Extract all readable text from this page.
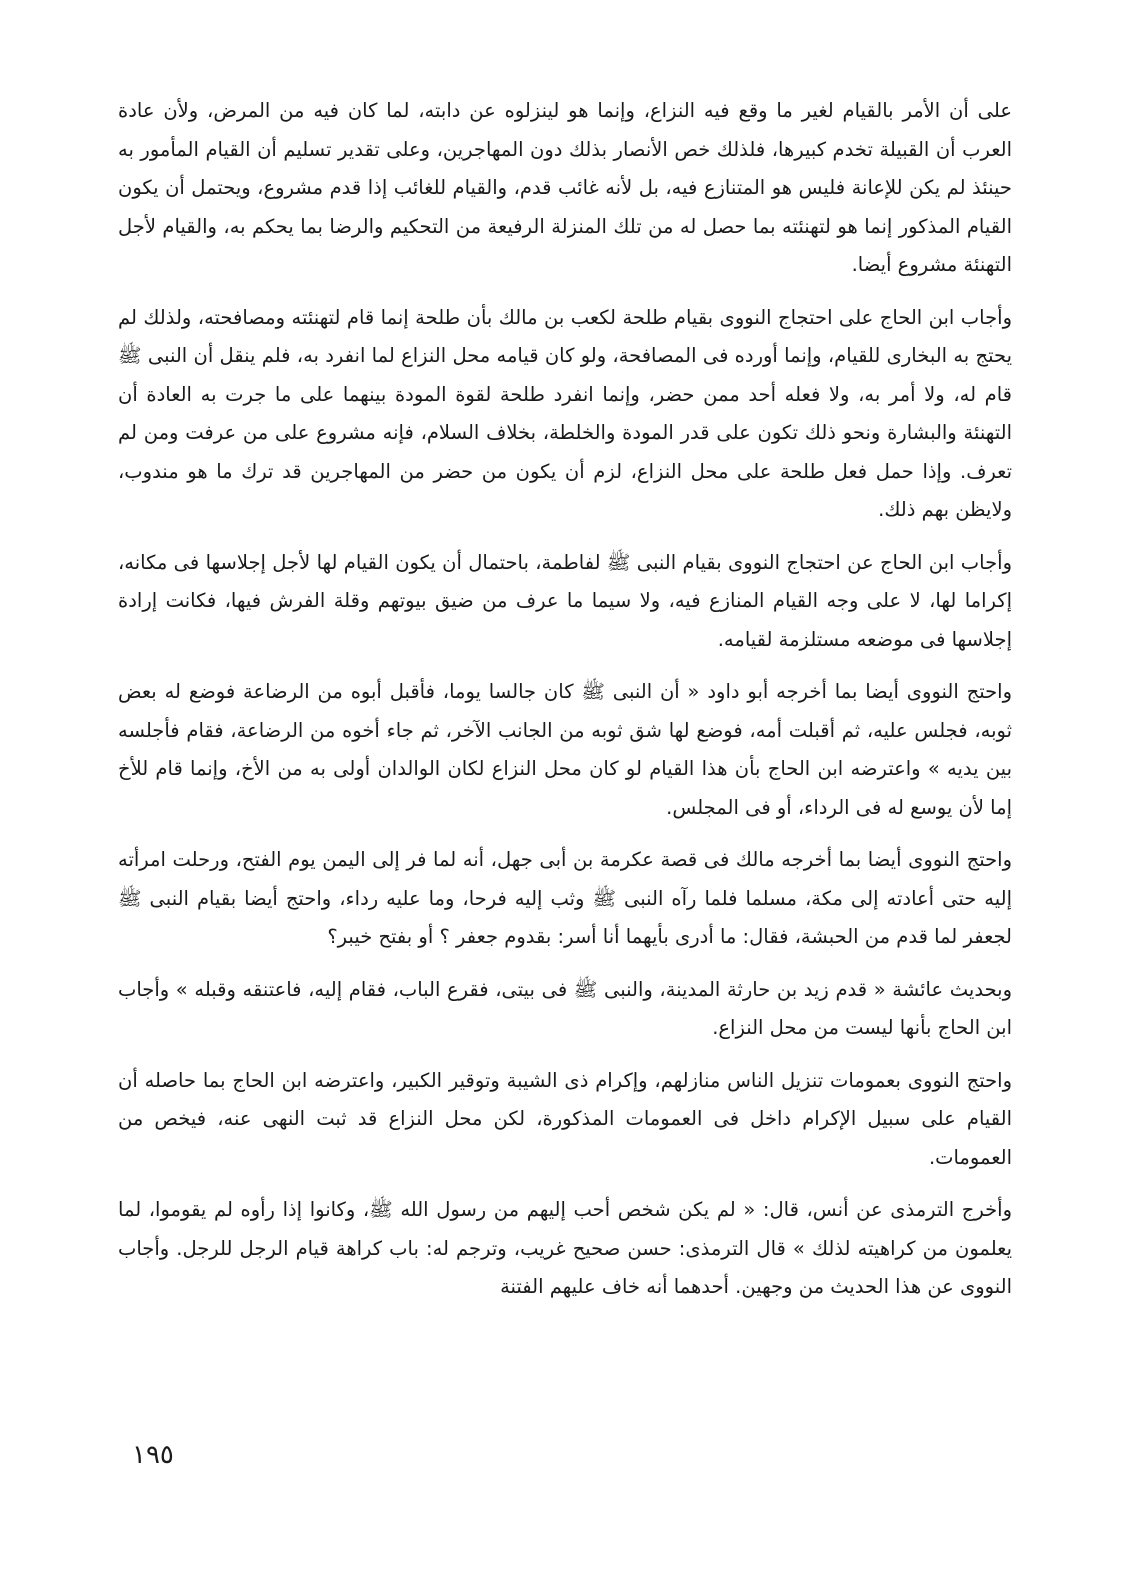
على أن الأمر بالقيام لغير ما وقع فيه النزاع، وإنما هو لينزلوه عن دابته، لما كان فيه من المرض، ولأن عادة العرب أن القبيلة تخدم كبيرها، فلذلك خص الأنصار بذلك دون المهاجرين، وعلى تقدير تسليم أن القيام المأمور به حينئذ لم يكن للإعانة فليس هو المتنازع فيه، بل لأنه غائب قدم، والقيام للغائب إذا قدم مشروع، ويحتمل أن يكون القيام المذكور إنما هو لتهنئته بما حصل له من تلك المنزلة الرفيعة من التحكيم والرضا بما يحكم به، والقيام لأجل التهنئة مشروع أيضا.

وأجاب ابن الحاج على احتجاج النووى بقيام طلحة لكعب بن مالك بأن طلحة إنما قام لتهنئته ومصافحته، ولذلك لم يحتج به البخارى للقيام، وإنما أورده فى المصافحة، ولو كان قيامه محل النزاع لما انفرد به، فلم ينقل أن النبى ﷺ قام له، ولا أمر به، ولا فعله أحد ممن حضر، وإنما انفرد طلحة لقوة المودة بينهما على ما جرت به العادة أن التهنئة والبشارة ونحو ذلك تكون على قدر المودة والخلطة، بخلاف السلام، فإنه مشروع على من عرفت ومن لم تعرف. وإذا حمل فعل طلحة على محل النزاع، لزم أن يكون من حضر من المهاجرين قد ترك ما هو مندوب، ولايظن بهم ذلك.

وأجاب ابن الحاج عن احتجاج النووى بقيام النبى ﷺ لفاطمة، باحتمال أن يكون القيام لها لأجل إجلاسها فى مكانه، إكراما لها، لا على وجه القيام المنازع فيه، ولا سيما ما عرف من ضيق بيوتهم وقلة الفرش فيها، فكانت إرادة إجلاسها فى موضعه مستلزمة لقيامه.

واحتج النووى أيضا بما أخرجه أبو داود « أن النبى ﷺ كان جالسا يوما، فأقبل أبوه من الرضاعة فوضع له بعض ثوبه، فجلس عليه، ثم أقبلت أمه، فوضع لها شق ثوبه من الجانب الآخر، ثم جاء أخوه من الرضاعة، فقام فأجلسه بين يديه » واعترضه ابن الحاج بأن هذا القيام لو كان محل النزاع لكان الوالدان أولى به من الأخ، وإنما قام للأخ إما لأن يوسع له فى الرداء، أو فى المجلس.

واحتج النووى أيضا بما أخرجه مالك فى قصة عكرمة بن أبى جهل، أنه لما فر إلى اليمن يوم الفتح، ورحلت امرأته إليه حتى أعادته إلى مكة، مسلما فلما رآه النبى ﷺ وثب إليه فرحا، وما عليه رداء، واحتج أيضا بقيام النبى ﷺ لجعفر لما قدم من الحبشة، فقال: ما أدرى بأيهما أنا أسر: بقدوم جعفر ؟ أو بفتح خيبر؟

وبحديث عائشة « قدم زيد بن حارثة المدينة، والنبى ﷺ فى بيتى، فقرع الباب، فقام إليه، فاعتنقه وقبله » وأجاب ابن الحاج بأنها ليست من محل النزاع.

واحتج النووى بعمومات تنزيل الناس منازلهم، وإكرام ذى الشيبة وتوقير الكبير، واعترضه ابن الحاج بما حاصله أن القيام على سبيل الإكرام داخل فى العمومات المذكورة، لكن محل النزاع قد ثبت النهى عنه، فيخص من العمومات.

وأخرج الترمذى عن أنس، قال: « لم يكن شخص أحب إليهم من رسول الله ﷺ، وكانوا إذا رأوه لم يقوموا، لما يعلمون من كراهيته لذلك » قال الترمذى: حسن صحيح غريب، وترجم له: باب كراهة قيام الرجل للرجل. وأجاب النووى عن هذا الحديث من وجهين. أحدهما أنه خاف عليهم الفتنة

١٩٥
